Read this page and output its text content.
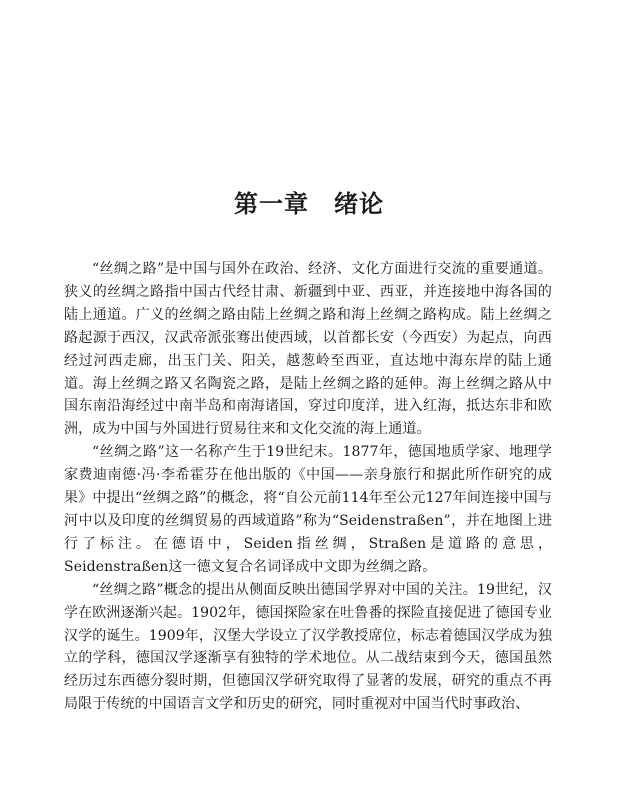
第一章　绪论

“丝绸之路”是中国与国外在政治、经济、文化方面进行交流的重要通道。狭义的丝绸之路指中国古代经甘肃、新疆到中亚、西亚，并连接地中海各国的陆上通道。广义的丝绸之路由陆上丝绸之路和海上丝绸之路构成。陆上丝绸之路起源于西汉，汉武帝派张骞出使西域，以首都长安（今西安）为起点，向西经过河西走廊，出玉门关、阳关，越葱岭至西亚，直达地中海东岸的陆上通道。海上丝绸之路又名陶瓷之路，是陆上丝绸之路的延伸。海上丝绸之路从中国东南沿海经过中南半岛和南海诸国，穿过印度洋，进入红海，抵达东非和欧洲，成为中国与外国进行贸易往来和文化交流的海上通道。

“丝绸之路”这一名称产生于19世纪末。1877年，德国地质学家、地理学家费迪南德·冯·李希霍芬在他出版的《中国——亲身旅行和据此所作研究的成果》中提出“丝绸之路”的概念，将“自公元前114年至公元127年间连接中国与河中以及印度的丝绸贸易的西域道路”称为“Seidenstraßen”，并在地图上进行了标注。在德语中，Seiden指丝绸，Straßen是道路的意思，Seidenstraßen这一德文复合名词译成中文即为丝绸之路。

“丝绸之路”概念的提出从侧面反映出德国学界对中国的关注。19世纪，汉学在欧洲逐渐兴起。1902年，德国探险家在吐鲁番的探险直接促进了德国专业汉学的诞生。1909年，汉堡大学设立了汉学教授席位，标志着德国汉学成为独立的学科，德国汉学逐渐享有独特的学术地位。从二战结束到今天，德国虽然经历过东西德分裂时期，但德国汉学研究取得了显著的发展，研究的重点不再局限于传统的中国语言文学和历史的研究，同时重视对中国当代时事政治、
